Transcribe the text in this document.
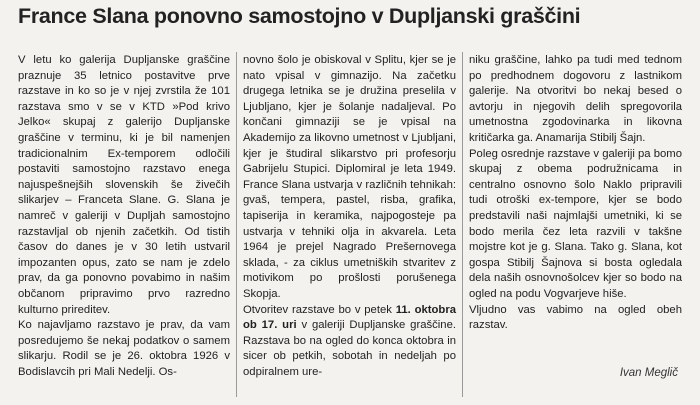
France Slana ponovno samostojno v Dupljanski graščini

V letu ko galerija Dupljanske graščine praznuje 35 letnico postavitve prve razstave in ko so je v njej zvrstila že 101 razstava smo v se v KTD »Pod krivo Jelko« skupaj z galerijo Dupljanske graščine v terminu, ki je bil namenjen tradicionalnim Ex-temporem odločili postaviti samostojno razstavo enega najuspešnejših slovenskih še živečih slikarjev – Franceta Slane. G. Slana je namreč v galeriji v Dupljah samostojno razstavljal ob njenih začetkih. Od tistih časov do danes je v 30 letih ustvaril impozanten opus, zato se nam je zdelo prav, da ga ponovno povabimo in našim občanom pripravimo prvo razredno kulturno prireditev.

Ko najavljamo razstavo je prav, da vam posredujemo še nekaj podatkov o samem slikarju. Rodil se je 26. oktobra 1926 v Bodislavcih pri Mali Nedelji. Os-

novno šolo je obiskoval v Splitu, kjer se je nato vpisal v gimnazijo. Na začetku drugega letnika se je družina preselila v Ljubljano, kjer je šolanje nadaljeval. Po končani gimnaziji se je vpisal na Akademijo za likovno umetnost v Ljubljani, kjer je študiral slikarstvo pri profesorju Gabrijelu Stupici. Diplomiral je leta 1949. France Slana ustvarja v različnih tehnikah: gvaš, tempera, pastel, risba, grafika, tapiserija in keramika, najpogosteje pa ustvarja v tehniki olja in akvarela. Leta 1964 je prejel Nagrado Prešernovega sklada, - za ciklus umetniških stvaritev z motivikom po prošlosti porušenega Skopja.

Otvoritev razstave bo v petek 11. oktobra ob 17. uri v galeriji Dupljanske graščine. Razstava bo na ogled do konca oktobra in sicer ob petkih, sobotah in nedeljah po odpiralnem ure-

niku graščine, lahko pa tudi med tednom po predhodnem dogovoru z lastnikom galerije. Na otvoritvi bo nekaj besed o avtorju in njegovih delih spregovorila umetnostna zgodovinarka in likovna kritičarka ga. Anamarija Stibilj Šajn.

Poleg osrednje razstave v galeriji pa bomo skupaj z obema podružnicama in centralno osnovno šolo Naklo pripravili tudi otroški ex-tempore, kjer se bodo predstavili naši najmlajši umetniki, ki se bodo merila čez leta razvili v takšne mojstre kot je g. Slana. Tako g. Slana, kot gospa Stibilj Šajnova si bosta ogledala dela naših osnovnošolcev kjer so bodo na ogled na podu Vogvarjeve hiše.

Vljudno vas vabimo na ogled obeh razstav.

Ivan Meglič
